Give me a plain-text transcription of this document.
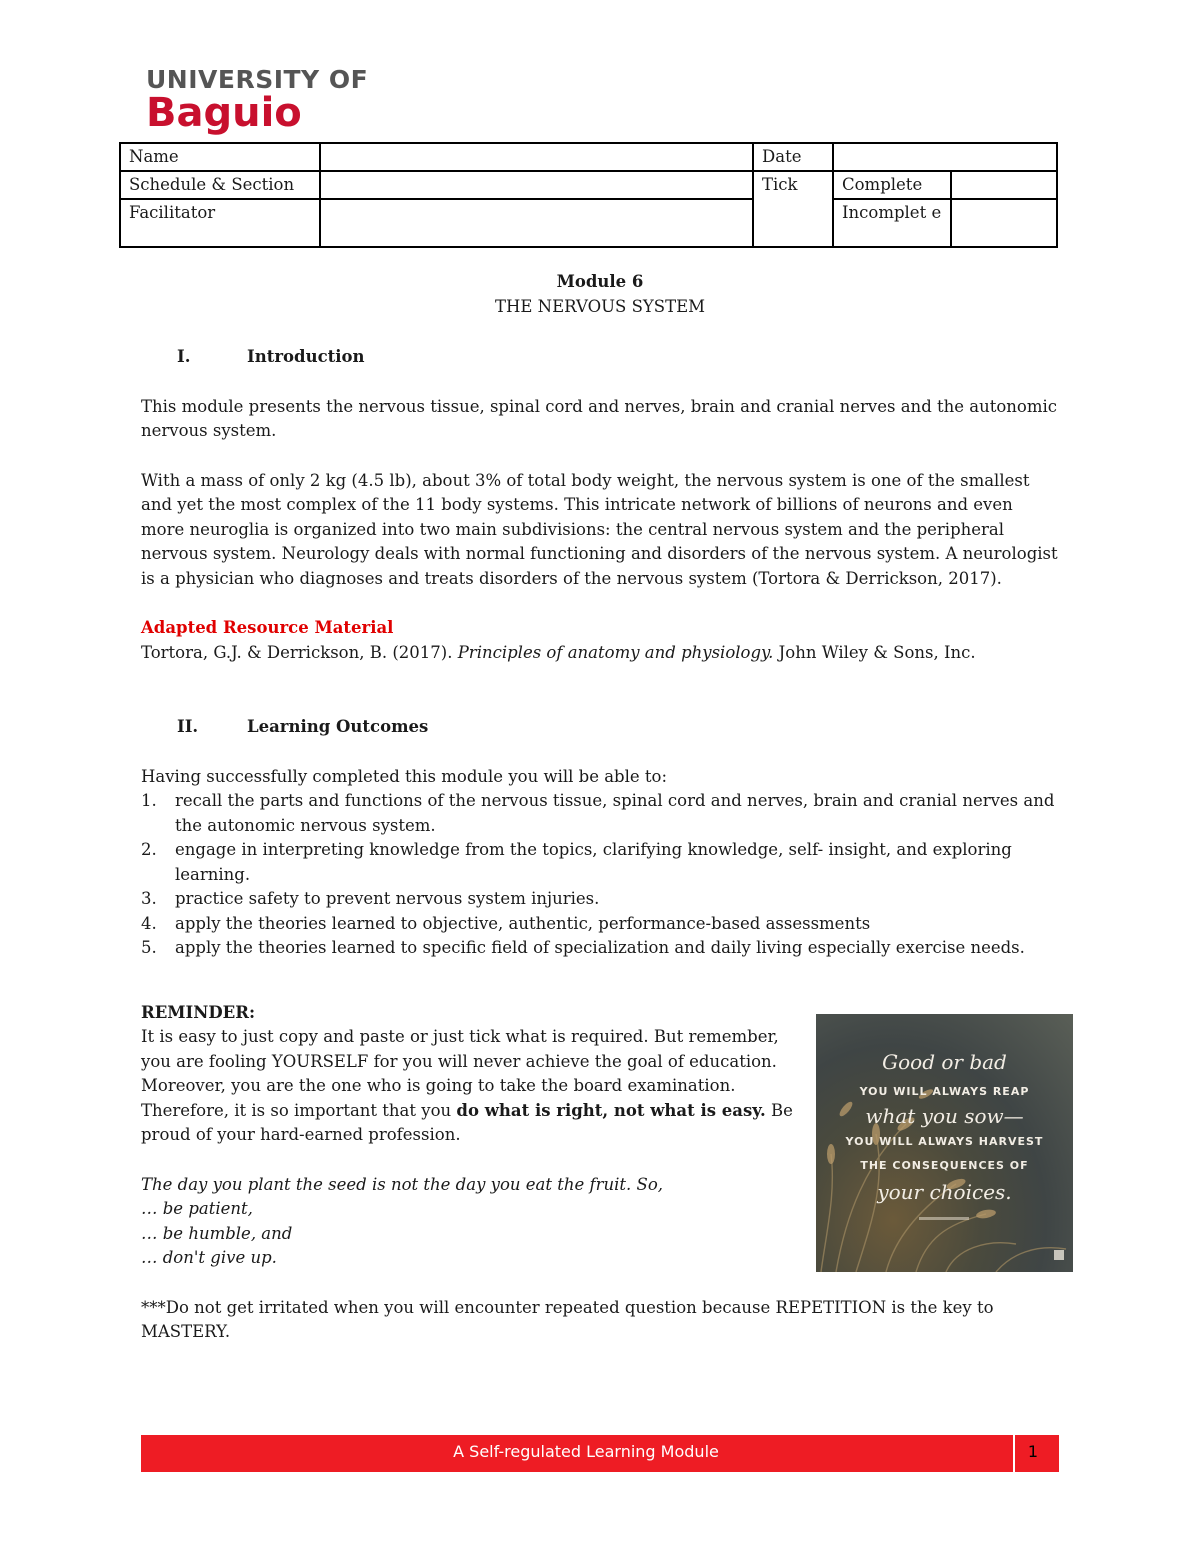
UNIVERSITY OF
Baguio
Name		Date		
Schedule & Section		Tick	Complete	
Facilitator			Incomplet e	

Module 6

THE NERVOUS SYSTEM

I.	Introduction

This module presents the nervous tissue, spinal cord and nerves, brain and cranial nerves and the autonomic nervous system.

With a mass of only 2 kg (4.5 lb), about 3% of total body weight, the nervous system is one of the smallest and yet the most complex of the 11 body systems. This intricate network of billions of neurons and even more neuroglia is organized into two main subdivisions: the central nervous system and the peripheral nervous system. Neurology deals with normal functioning and disorders of the nervous system. A neurologist is a physician who diagnoses and treats disorders of the nervous system (Tortora & Derrickson, 2017).

Adapted Resource Material

Tortora, G.J. & Derrickson, B. (2017). Principles of anatomy and physiology. John Wiley & Sons, Inc.

II.	Learning Outcomes

Having successfully completed this module you will be able to:

1.	recall the parts and functions of the nervous tissue, spinal cord and nerves, brain and cranial nerves and the autonomic nervous system.
2.	engage in interpreting knowledge from the topics, clarifying knowledge, self- insight, and exploring learning.
3.	practice safety to prevent nervous system injuries.
4.	apply the theories learned to objective, authentic, performance-based assessments
5.	apply the theories learned to specific field of specialization and daily living especially exercise needs.

REMINDER:

It is easy to just copy and paste or just tick what is required. But remember, you are fooling YOURSELF for you will never achieve the goal of education. Moreover, you are the one who is going to take the board examination. Therefore, it is so important that you do what is right, not what is easy. Be proud of your hard-earned profession.

The day you plant the seed is not the day you eat the fruit. So,

… be patient,

… be humble, and

… don't give up.

***Do not get irritated when you will encounter repeated question because REPETITION is the key to MASTERY.

Good or bad
YOU WILL ALWAYS REAP
what you sow—
YOU WILL ALWAYS HARVEST
THE CONSEQUENCES OF
your choices.
A Self-regulated Learning Module	1
